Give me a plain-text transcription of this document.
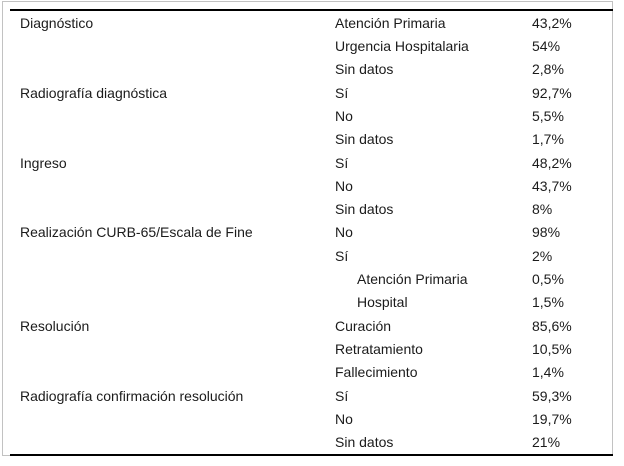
Diagnóstico	Atención Primaria	43,2%
Urgencia Hospitalaria	54%
Sin datos	2,8%
Radiografía diagnóstica	Sí	92,7%
No	5,5%
Sin datos	1,7%
Ingreso	Sí	48,2%
No	43,7%
Sin datos	8%
Realización CURB-65/Escala de Fine	No	98%
Sí	2%
Atención Primaria	0,5%
Hospital	1,5%
Resolución	Curación	85,6%
Retratamiento	10,5%
Fallecimiento	1,4%
Radiografía confirmación resolución	Sí	59,3%
No	19,7%
Sin datos	21%
